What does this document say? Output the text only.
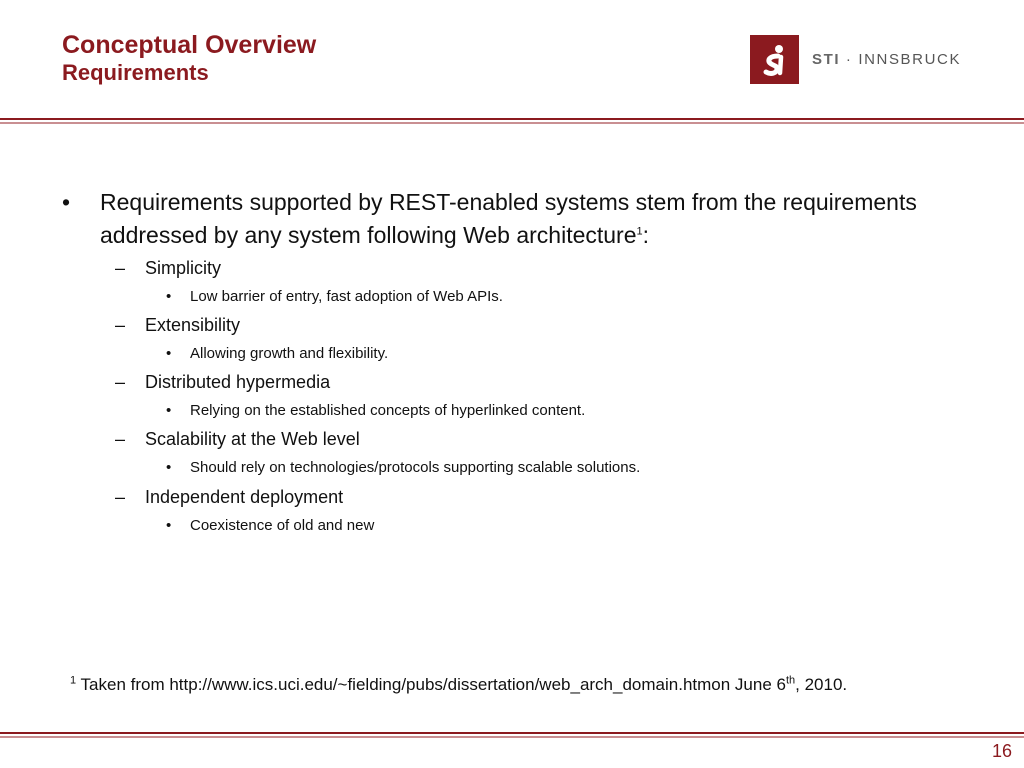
Conceptual Overview
Requirements
STI · INNSBRUCK
• Requirements supported by REST-enabled systems stem from the requirements addressed by any system following Web architecture$^1$:
– Simplicity
• Low barrier of entry, fast adoption of Web APIs.
– Extensibility
• Allowing growth and flexibility.
– Distributed hypermedia
• Relying on the established concepts of hyperlinked content.
– Scalability at the Web level
• Should rely on technologies/protocols supporting scalable solutions.
– Independent deployment
• Coexistence of old and new
$^1$ Taken from http://www.ics.uci.edu/~fielding/pubs/dissertation/web_arch_domain.htmon June 6th, 2010.
16
